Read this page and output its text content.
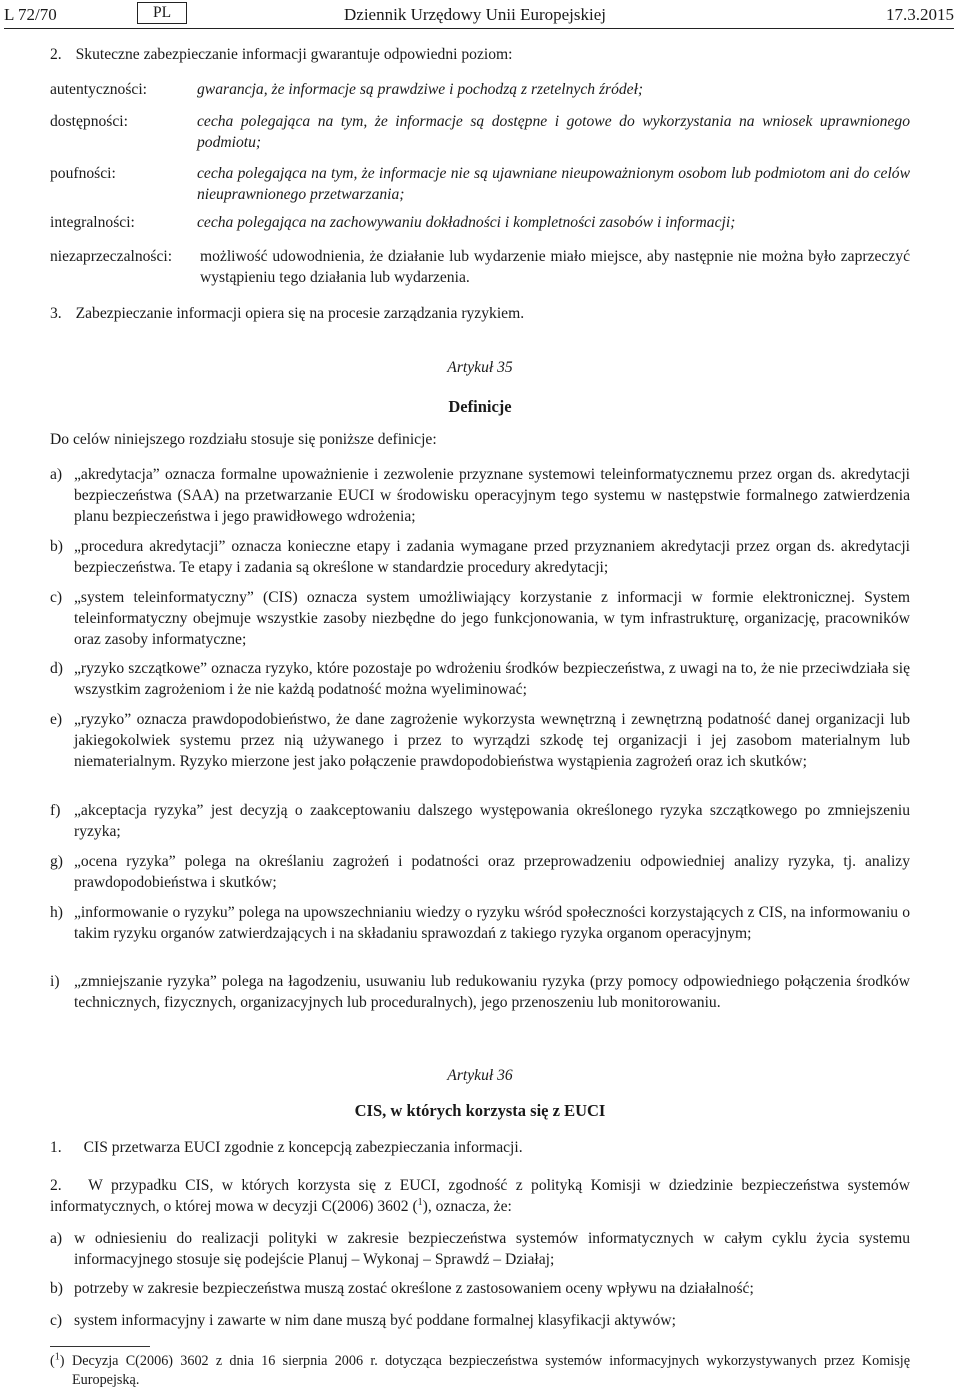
L 72/70	PL	Dziennik Urzędowy Unii Europejskiej	17.3.2015
2. Skuteczne zabezpieczanie informacji gwarantuje odpowiedni poziom:
autentyczności:	gwarancja, że informacje są prawdziwe i pochodzą z rzetelnych źródeł;
dostępności:	cecha polegająca na tym, że informacje są dostępne i gotowe do wykorzystania na wniosek uprawnionego podmiotu;
poufności:	cecha polegająca na tym, że informacje nie są ujawniane nieupoważnionym osobom lub podmiotom ani do celów nieuprawnionego przetwarzania;
integralności:	cecha polegająca na zachowywaniu dokładności i kompletności zasobów i informacji;
niezaprzeczalności: możliwość udowodnienia, że działanie lub wydarzenie miało miejsce, aby następnie nie można było zaprzeczyć wystąpieniu tego działania lub wydarzenia.
3. Zabezpieczanie informacji opiera się na procesie zarządzania ryzykiem.
Artykuł 35
Definicje
Do celów niniejszego rozdziału stosuje się poniższe definicje:
a) „akredytacja” oznacza formalne upoważnienie i zezwolenie przyznane systemowi teleinformatycznemu przez organ ds. akredytacji bezpieczeństwa (SAA) na przetwarzanie EUCI w środowisku operacyjnym tego systemu w następstwie formalnego zatwierdzenia planu bezpieczeństwa i jego prawidłowego wdrożenia;
b) „procedura akredytacji” oznacza konieczne etapy i zadania wymagane przed przyznaniem akredytacji przez organ ds. akredytacji bezpieczeństwa. Te etapy i zadania są określone w standardzie procedury akredytacji;
c) „system teleinformatyczny” (CIS) oznacza system umożliwiający korzystanie z informacji w formie elektronicznej. System teleinformatyczny obejmuje wszystkie zasoby niezbędne do jego funkcjonowania, w tym infrastrukturę, organizację, pracowników oraz zasoby informatyczne;
d) „ryzyko szczątkowe” oznacza ryzyko, które pozostaje po wdrożeniu środków bezpieczeństwa, z uwagi na to, że nie przeciwdziała się wszystkim zagrożeniom i że nie każdą podatność można wyeliminować;
e) „ryzyko” oznacza prawdopodobieństwo, że dane zagrożenie wykorzysta wewnętrzną i zewnętrzną podatność danej organizacji lub jakiegokolwiek systemu przez nią używanego i przez to wyrządzi szkodę tej organizacji i jej zasobom materialnym lub niematerialnym. Ryzyko mierzone jest jako połączenie prawdopodobieństwa wystąpienia zagrożeń oraz ich skutków;
f) „akceptacja ryzyka” jest decyzją o zaakceptowaniu dalszego występowania określonego ryzyka szczątkowego po zmniejszeniu ryzyka;
g) „ocena ryzyka” polega na określaniu zagrożeń i podatności oraz przeprowadzeniu odpowiedniej analizy ryzyka, tj. analizy prawdopodobieństwa i skutków;
h) „informowanie o ryzyku” polega na upowszechnianiu wiedzy o ryzyku wśród społeczności korzystających z CIS, na informowaniu o takim ryzyku organów zatwierdzających i na składaniu sprawozdań z takiego ryzyka organom operacyjnym;
i) „zmniejszanie ryzyka” polega na łagodzeniu, usuwaniu lub redukowaniu ryzyka (przy pomocy odpowiedniego połączenia środków technicznych, fizycznych, organizacyjnych lub proceduralnych), jego przenoszeniu lub monitorowaniu.
Artykuł 36
CIS, w których korzysta się z EUCI
1. CIS przetwarza EUCI zgodnie z koncepcją zabezpieczania informacji.
2. W przypadku CIS, w których korzysta się z EUCI, zgodność z polityką Komisji w dziedzinie bezpieczeństwa systemów informatycznych, o której mowa w decyzji C(2006) 3602 ($^1$), oznacza, że:
a) w odniesieniu do realizacji polityki w zakresie bezpieczeństwa systemów informatycznych w całym cyklu życia systemu informacyjnego stosuje się podejście Planuj – Wykonaj – Sprawdź – Działaj;
b) potrzeby w zakresie bezpieczeństwa muszą zostać określone z zastosowaniem oceny wpływu na działalność;
c) system informacyjny i zawarte w nim dane muszą być poddane formalnej klasyfikacji aktywów;
($^1$) Decyzja C(2006) 3602 z dnia 16 sierpnia 2006 r. dotycząca bezpieczeństwa systemów informacyjnych wykorzystywanych przez Komisję Europejską.
